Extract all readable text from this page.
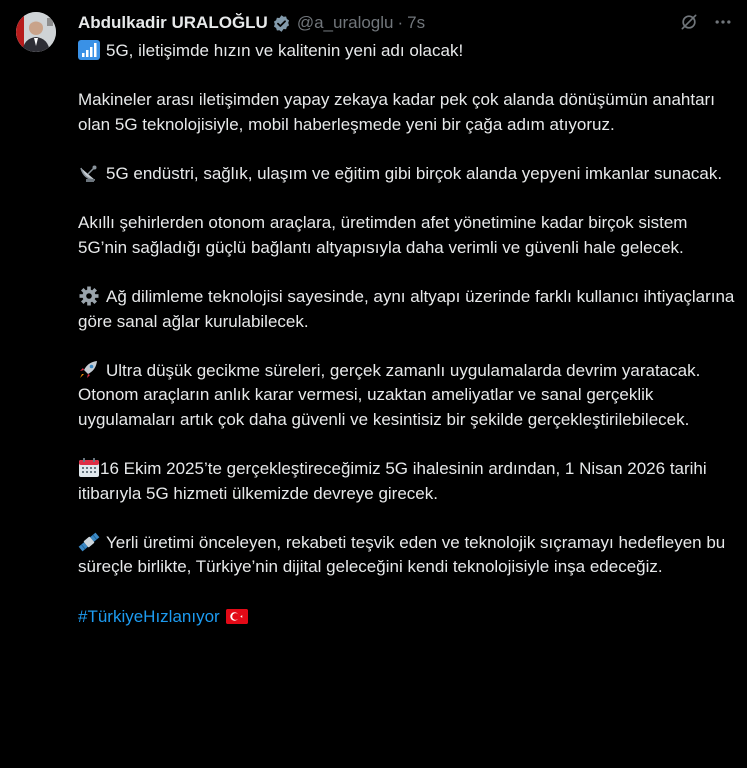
Abdulkadir URALOĞLU @a_uraloglu · 7s

5G, iletişimde hızın ve kalitenin yeni adı olacak!

Makineler arası iletişimden yapay zekaya kadar pek çok alanda dönüşümün anahtarı olan 5G teknolojisiyle, mobil haberleşmede yeni bir çağa adım atıyoruz.

5G endüstri, sağlık, ulaşım ve eğitim gibi birçok alanda yepyeni imkanlar sunacak.

Akıllı şehirlerden otonom araçlara, üretimden afet yönetimine kadar birçok sistem 5G’nin sağladığı güçlü bağlantı altyapısıyla daha verimli ve güvenli hale gelecek.

Ağ dilimleme teknolojisi sayesinde, aynı altyapı üzerinde farklı kullanıcı ihtiyaçlarına göre sanal ağlar kurulabilecek.

Ultra düşük gecikme süreleri, gerçek zamanlı uygulamalarda devrim yaratacak. Otonom araçların anlık karar vermesi, uzaktan ameliyatlar ve sanal gerçeklik uygulamaları artık çok daha güvenli ve kesintisiz bir şekilde gerçekleştirilebilecek.

16 Ekim 2025’te gerçekleştireceğimiz 5G ihalesinin ardından, 1 Nisan 2026 tarihi itibarıyla 5G hizmeti ülkemizde devreye girecek.

Yerli üretimi önceleyen, rekabeti teşvik eden ve teknolojik sıçramayı hedefleyen bu süreçle birlikte, Türkiye’nin dijital geleceğini kendi teknolojisiyle inşa edeceğiz.

#TürkiyeHızlanıyor
